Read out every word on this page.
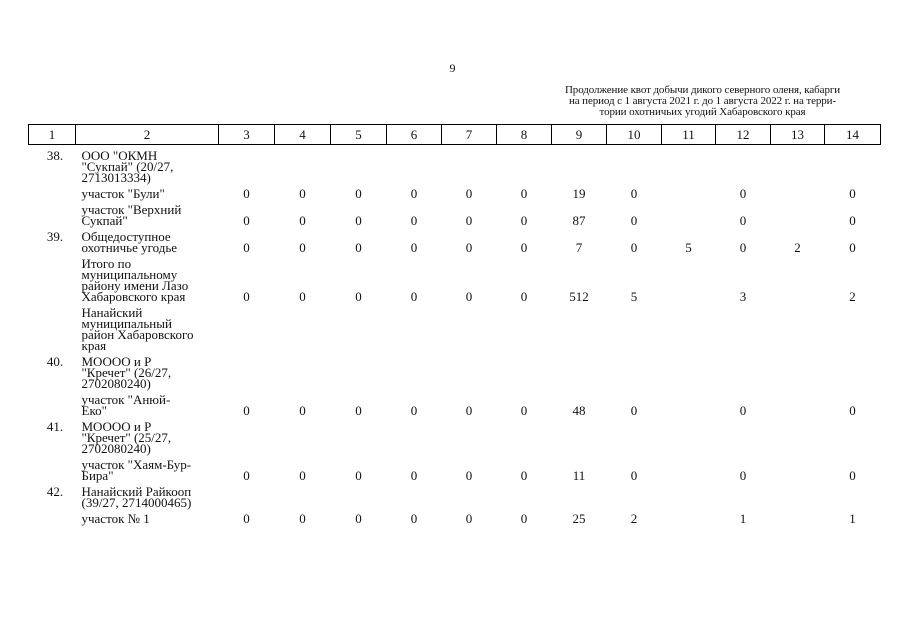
9
Продолжение квот добычи дикого северного оленя, кабарги
на период с 1 августа 2021 г. до 1 августа 2022 г. на терри-
тории охотничьих угодий Хабаровского края
1	2	3	4	5	6	7	8	9	10	11	12	13	14
38.	ООО "ОКМН
"Сукпай" (20/27,
2713013334)												

	участок "Були"	0	0	0	0	0	0	19	0		0		0

	участок "Верхний
Сукпай"	0	0	0	0	0	0	87	0		0		0
39.	Общедоступное
охотничье угодье	0	0	0	0	0	0	7	0	5	0	2	0

	Итого по
муниципальному
району имени Лазо
Хабаровского края	0	0	0	0	0	0	512	5		3		2

	Нанайский
муниципальный
район Хабаровского
края												

40.	МОООО и Р
"Кречет" (26/27,
2702080240)												

	участок "Анюй-
Еко"	0	0	0	0	0	0	48	0		0		0
41.	МОООО и Р
"Кречет" (25/27,
2702080240)												

	участок "Хаям-Бур-
Бира"	0	0	0	0	0	0	11	0		0		0
42.	Нанайский Райкооп
(39/27, 2714000465)												

	участок № 1	0	0	0	0	0	0	25	2		1		1
